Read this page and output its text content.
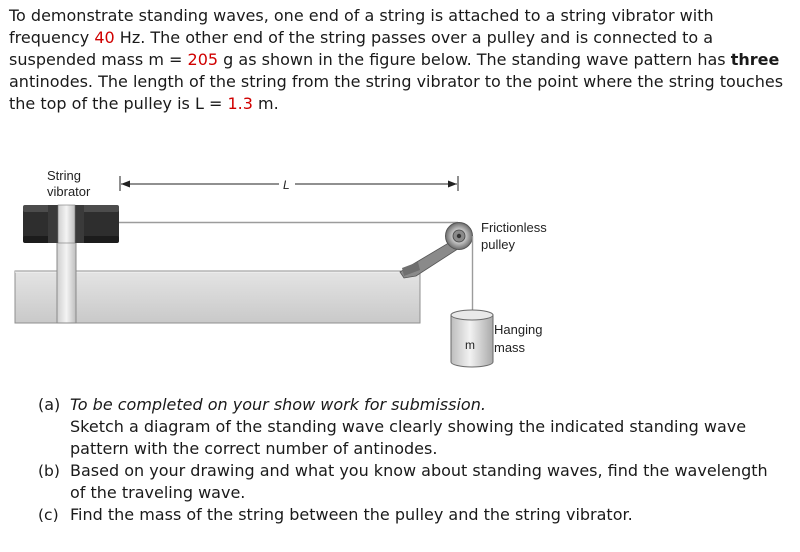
To demonstrate standing waves, one end of a string is attached to a string vibrator with frequency 40 Hz. The other end of the string passes over a pulley and is connected to a suspended mass m = 205 g as shown in the figure below. The standing wave pattern has three antinodes. The length of the string from the string vibrator to the point where the string touches the top of the pulley is L = 1.3 m.

String
vibrator	L
Frictionless
pulley
m
Hanging
mass
(a) To be completed on your show work for submission.
Sketch a diagram of the standing wave clearly showing the indicated standing wave pattern with the correct number of antinodes.
(b) Based on your drawing and what you know about standing waves, find the wavelength of the traveling wave.
(c) Find the mass of the string between the pulley and the string vibrator.
